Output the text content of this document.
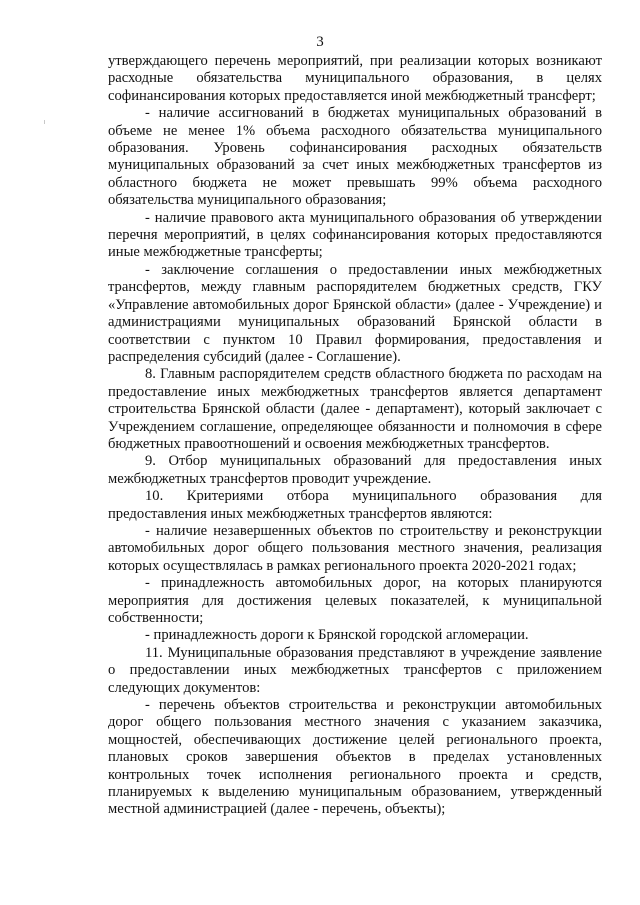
3

утверждающего перечень мероприятий, при реализации которых возникают расходные обязательства муниципального образования, в целях софинансирования которых предоставляется иной межбюджетный трансферт;

- наличие ассигнований в бюджетах муниципальных образований в объеме не менее 1% объема расходного обязательства муниципального образования. Уровень софинансирования расходных обязательств муниципальных образований за счет иных межбюджетных трансфертов из областного бюджета не может превышать 99% объема расходного обязательства муниципального образования;

- наличие правового акта муниципального образования об утверждении перечня мероприятий, в целях софинансирования которых предоставляются иные межбюджетные трансферты;

- заключение соглашения о предоставлении иных межбюджетных трансфертов, между главным распорядителем бюджетных средств, ГКУ «Управление автомобильных дорог Брянской области» (далее - Учреждение) и администрациями муниципальных образований Брянской области в соответствии с пунктом 10 Правил формирования, предоставления и распределения субсидий (далее - Соглашение).

8. Главным распорядителем средств областного бюджета по расходам на предоставление иных межбюджетных трансфертов является департамент строительства Брянской области (далее - департамент), который заключает с Учреждением соглашение, определяющее обязанности и полномочия в сфере бюджетных правоотношений и освоения межбюджетных трансфертов.

9. Отбор муниципальных образований для предоставления иных межбюджетных трансфертов проводит учреждение.

10. Критериями отбора муниципального образования для предоставления иных межбюджетных трансфертов являются:

- наличие незавершенных объектов по строительству и реконструкции автомобильных дорог общего пользования местного значения, реализация которых осуществлялась в рамках регионального проекта 2020-2021 годах;

- принадлежность автомобильных дорог, на которых планируются мероприятия для достижения целевых показателей, к муниципальной собственности;

- принадлежность дороги к Брянской городской агломерации.

11. Муниципальные образования представляют в учреждение заявление о предоставлении иных межбюджетных трансфертов с приложением следующих документов:

- перечень объектов строительства и реконструкции автомобильных дорог общего пользования местного значения с указанием заказчика, мощностей, обеспечивающих достижение целей регионального проекта, плановых сроков завершения объектов в пределах установленных контрольных точек исполнения регионального проекта и средств, планируемых к выделению муниципальным образованием, утвержденный местной администрацией (далее - перечень, объекты);
